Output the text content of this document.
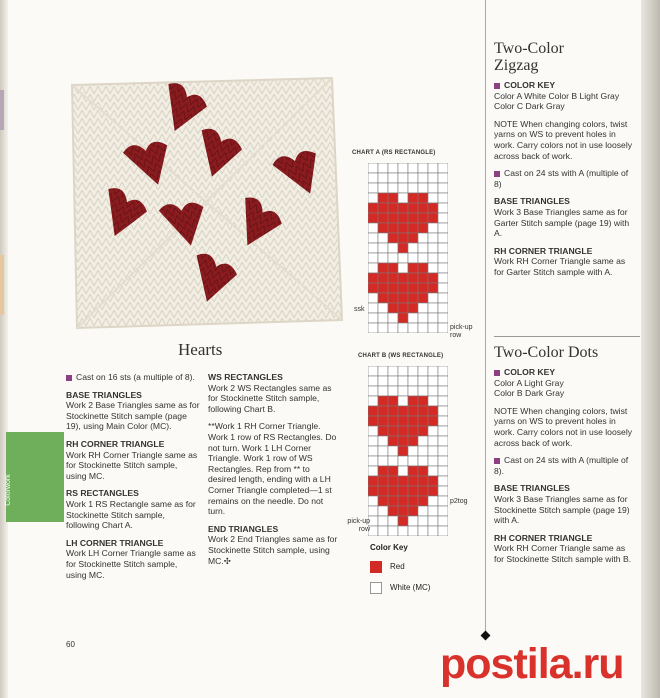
Colorwork
Hearts

Cast on 16 sts (a multiple of 8).

BASE TRIANGLES
Work 2 Base Triangles same as for Stockinette Stitch sample (page 19), using Main Color (MC).

RH CORNER TRIANGLE
Work RH Corner Triangle same as for Stockinette Stitch sample, using MC.

RS RECTANGLES
Work 1 RS Rectangle same as for Stockinette Stitch sample, following Chart A.

LH CORNER TRIANGLE
Work LH Corner Triangle same as for Stockinette Stitch sample, using MC.

WS RECTANGLES
Work 2 WS Rectangles same as for Stockinette Stitch sample, following Chart B.

**Work 1 RH Corner Triangle. Work 1 row of RS Rectangles. Do not turn. Work 1 LH Corner Triangle. Work 1 row of WS Rectangles. Rep from ** to desired length, ending with a LH Corner Triangle completed—1 st remains on the needle. Do not turn.

END TRIANGLES
Work 2 End Triangles same as for Stockinette Stitch sample, using MC.✣

CHART A (RS RECTANGLE)
ssk
pick-up row
CHART B (WS RECTANGLE)
p2tog
pick-up row
Color Key
Red
White (MC)
Two-Color
Zigzag

COLOR KEY
Color A White Color B Light Gray
Color C Dark Gray

NOTE When changing colors, twist yarns on WS to prevent holes in work. Carry colors not in use loosely across back of work.

Cast on 24 sts with A (multiple of 8)

BASE TRIANGLES
Work 3 Base Triangles same as for Garter Stitch sample (page 19) with A.

RH CORNER TRIANGLE
Work RH Corner Triangle same as for Garter Stitch sample with A.

Two-Color Dots

COLOR KEY
Color A Light Gray
Color B Dark Gray

NOTE When changing colors, twist yarns on WS to prevent holes in work. Carry colors not in use loosely across back of work.

Cast on 24 sts with A (multiple of 8).

BASE TRIANGLES
Work 3 Base Triangles same as for Stockinette Stitch sample (page 19) with A.

RH CORNER TRIANGLE
Work RH Corner Triangle same as for Stockinette Stitch sample with B.

60	postila.ru
